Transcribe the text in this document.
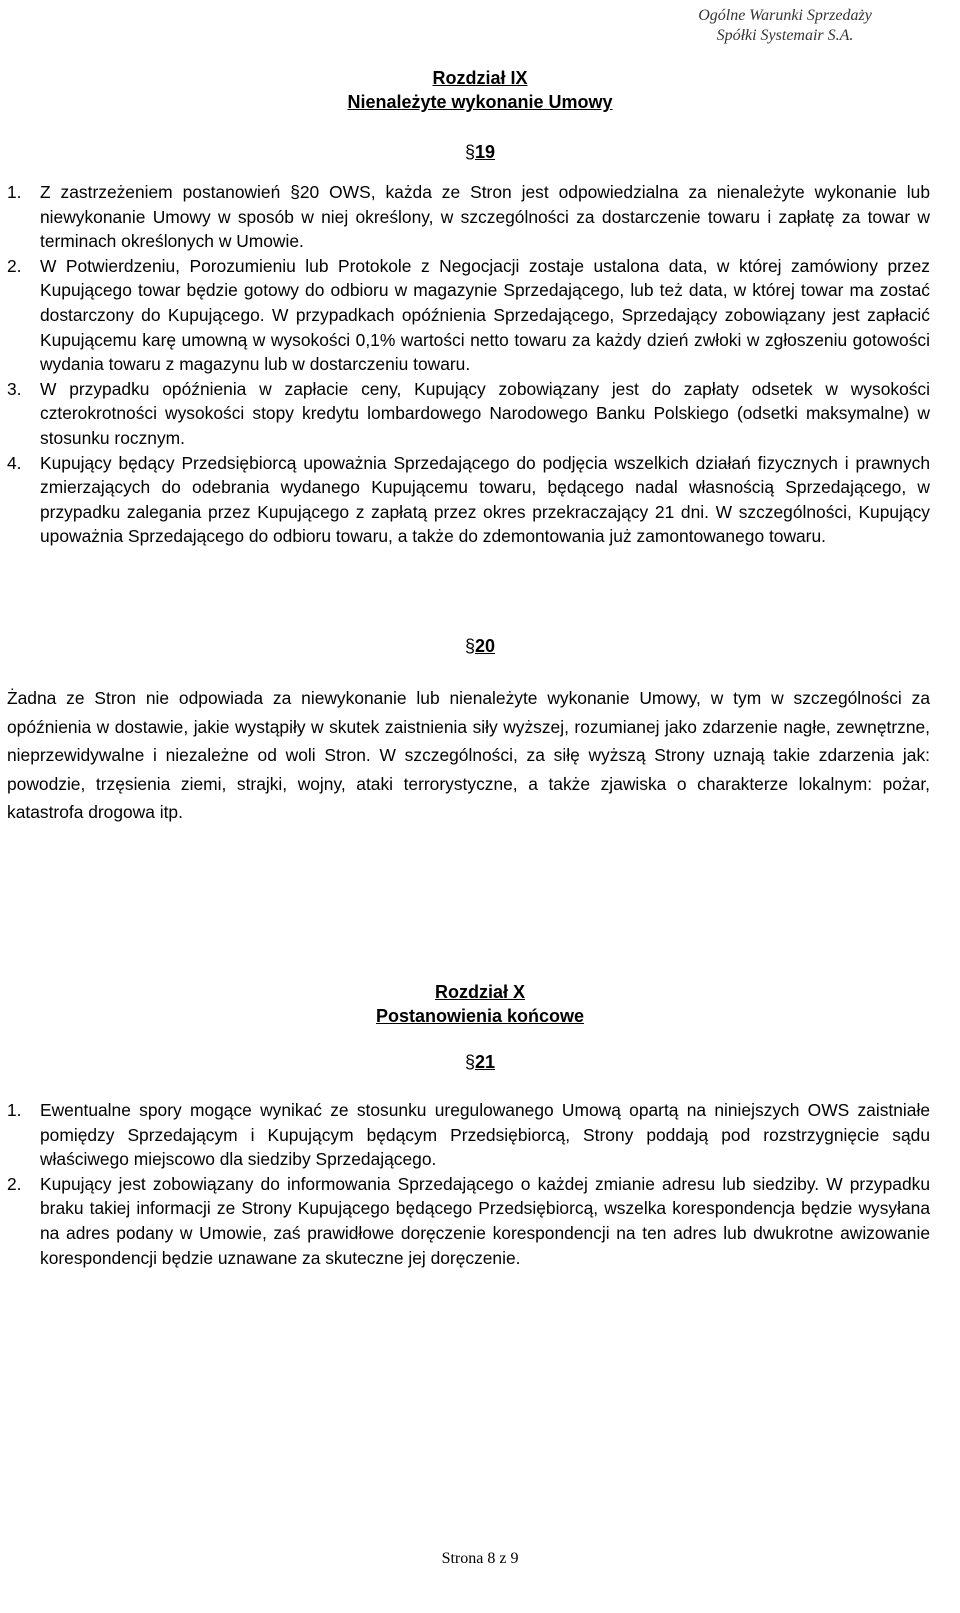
Ogólne Warunki Sprzedaży
Spółki Systemair S.A.
Rozdział IX
Nienależyte wykonanie Umowy
§19
1.	Z zastrzeżeniem postanowień §20 OWS, każda ze Stron jest odpowiedzialna za nienależyte wykonanie lub niewykonanie Umowy w sposób w niej określony, w szczególności za dostarczenie towaru i zapłatę za towar w terminach określonych w Umowie.
2.	W Potwierdzeniu, Porozumieniu lub Protokole z Negocjacji zostaje ustalona data, w której zamówiony przez Kupującego towar będzie gotowy do odbioru w magazynie Sprzedającego, lub też data, w której towar ma zostać dostarczony do Kupującego. W przypadkach opóźnienia Sprzedającego, Sprzedający zobowiązany jest zapłacić Kupującemu karę umowną w wysokości 0,1% wartości netto towaru za każdy dzień zwłoki w zgłoszeniu gotowości wydania towaru z magazynu lub w dostarczeniu towaru.
3.	W przypadku opóźnienia w zapłacie ceny, Kupujący zobowiązany jest do zapłaty odsetek w wysokości czterokrotności wysokości stopy kredytu lombardowego Narodowego Banku Polskiego (odsetki maksymalne) w stosunku rocznym.
4.	Kupujący będący Przedsiębiorcą upoważnia Sprzedającego do podjęcia wszelkich działań fizycznych i prawnych zmierzających do odebrania wydanego Kupującemu towaru, będącego nadal własnością Sprzedającego, w przypadku zalegania przez Kupującego z zapłatą przez okres przekraczający 21 dni. W szczególności, Kupujący upoważnia Sprzedającego do odbioru towaru, a także do zdemontowania już zamontowanego towaru.
§20
Żadna ze Stron nie odpowiada za niewykonanie lub nienależyte wykonanie Umowy, w tym w szczególności za opóźnienia w dostawie, jakie wystąpiły w skutek zaistnienia siły wyższej, rozumianej jako zdarzenie nagłe, zewnętrzne, nieprzewidywalne i niezależne od woli Stron. W szczególności, za siłę wyższą Strony uznają takie zdarzenia jak: powodzie, trzęsienia ziemi, strajki, wojny, ataki terrorystyczne, a także zjawiska o charakterze lokalnym: pożar, katastrofa drogowa itp.
Rozdział X
Postanowienia końcowe
§21
1.	Ewentualne spory mogące wynikać ze stosunku uregulowanego Umową opartą na niniejszych OWS zaistniałe pomiędzy Sprzedającym i Kupującym będącym Przedsiębiorcą, Strony poddają pod rozstrzygnięcie sądu właściwego miejscowo dla siedziby Sprzedającego.
2.	Kupujący jest zobowiązany do informowania Sprzedającego o każdej zmianie adresu lub siedziby. W przypadku braku takiej informacji ze Strony Kupującego będącego Przedsiębiorcą, wszelka korespondencja będzie wysyłana na adres podany w Umowie, zaś prawidłowe doręczenie korespondencji na ten adres lub dwukrotne awizowanie korespondencji będzie uznawane za skuteczne jej doręczenie.
Strona 8 z 9
